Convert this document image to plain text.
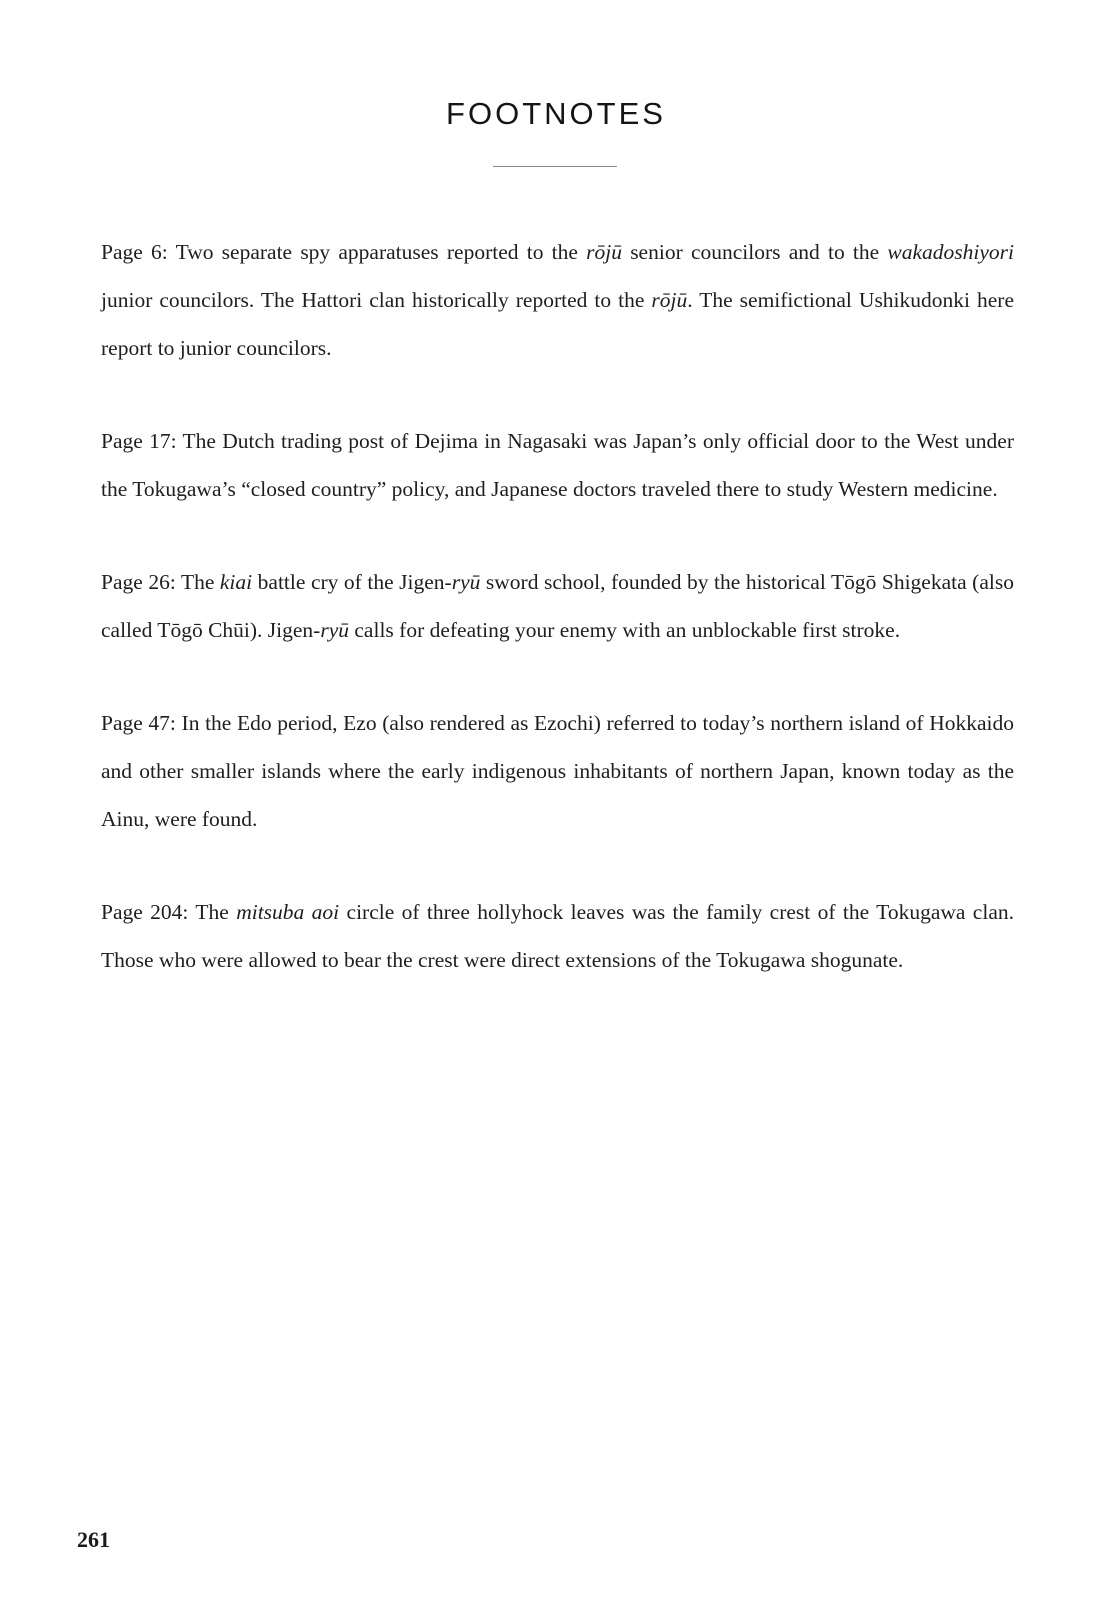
FOOTNOTES
Page 6: Two separate spy apparatuses reported to the rōjū senior councilors and to the wakadoshiyori junior councilors. The Hattori clan historically reported to the rōjū. The semifictional Ushikudonki here report to junior councilors.
Page 17: The Dutch trading post of Dejima in Nagasaki was Japan’s only official door to the West under the Tokugawa’s “closed country” policy, and Japanese doctors traveled there to study Western medicine.
Page 26: The kiai battle cry of the Jigen-ryū sword school, founded by the historical Tōgō Shigekata (also called Tōgō Chūi). Jigen-ryū calls for defeating your enemy with an unblockable first stroke.
Page 47: In the Edo period, Ezo (also rendered as Ezochi) referred to today’s northern island of Hokkaido and other smaller islands where the early indigenous inhabitants of northern Japan, known today as the Ainu, were found.
Page 204: The mitsuba aoi circle of three hollyhock leaves was the family crest of the Tokugawa clan. Those who were allowed to bear the crest were direct extensions of the Tokugawa shogunate.
261
